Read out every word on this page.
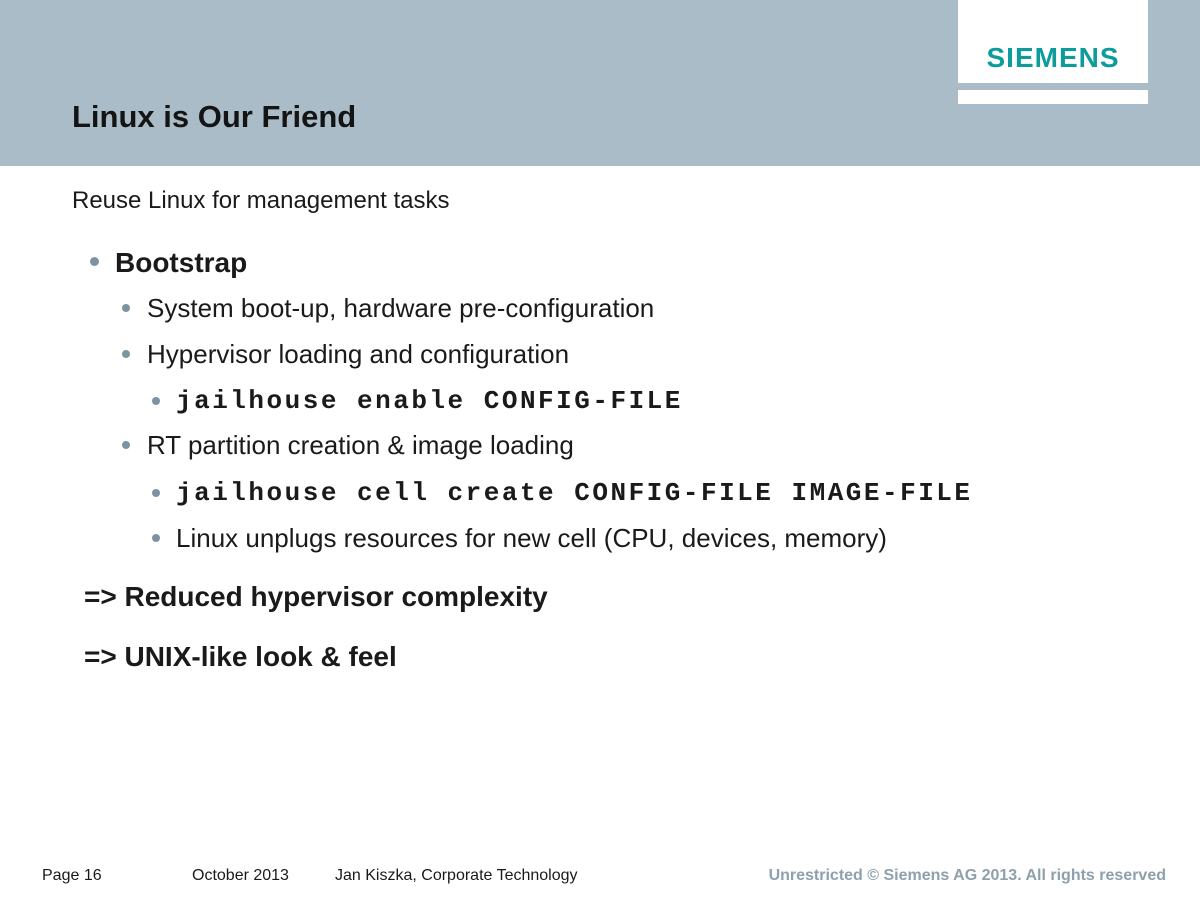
Linux is Our Friend
SIEMENS
Reuse Linux for management tasks
Bootstrap
System boot-up, hardware pre-configuration
Hypervisor loading and configuration
jailhouse enable CONFIG-FILE
RT partition creation & image loading
jailhouse cell create CONFIG-FILE IMAGE-FILE
Linux unplugs resources for new cell (CPU, devices, memory)
=> Reduced hypervisor complexity
=> UNIX-like look & feel
Page 16	October 2013	Jan Kiszka, Corporate Technology	Unrestricted © Siemens AG 2013. All rights reserved
